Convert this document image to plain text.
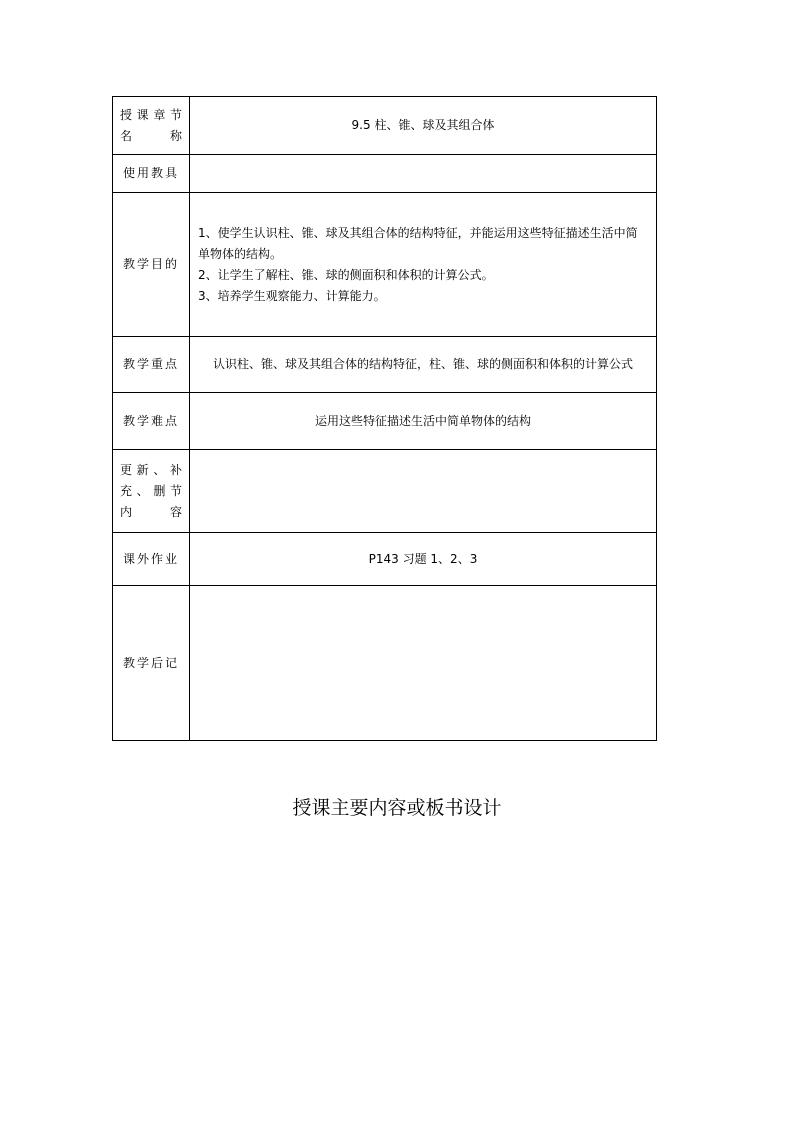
授课章节
名　　称	9.5 柱、锥、球及其组合体
使用教具	
教学目的	1、使学生认识柱、锥、球及其组合体的结构特征，并能运用这些特征描述生活中简单物体的结构。
2、让学生了解柱、锥、球的侧面积和体积的计算公式。
3、培养学生观察能力、计算能力。

教学重点	认识柱、锥、球及其组合体的结构特征，柱、锥、球的侧面积和体积的计算公式
教学难点	运用这些特征描述生活中简单物体的结构
更新、补
充、删节
内　　容	
课外作业	P143 习题 1、2、3
教学后记	
授课主要内容或板书设计
